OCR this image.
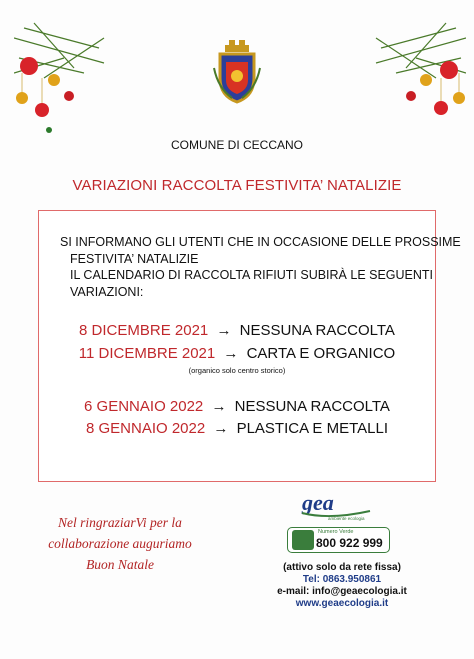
COMUNE DI CECCANO
VARIAZIONI RACCOLTA FESTIVITA’ NATALIZIE
SI INFORMANO GLI UTENTI CHE IN OCCASIONE DELLE PROSSIME
FESTIVITA’ NATALIZIE
IL CALENDARIO DI RACCOLTA RIFIUTI SUBIRÀ LE SEGUENTI
VARIAZIONI:
8 DICEMBRE 2021 → NESSUNA RACCOLTA
11 DICEMBRE 2021 → CARTA E ORGANICO
(organico solo centro storico)
6 GENNAIO 2022 → NESSUNA RACCOLTA
8 GENNAIO 2022 → PLASTICA E METALLI
Nel ringraziarVi per la
collaborazione auguriamo
Buon Natale
gea
ambiente ecologia
Numero Verde
800 922 999
(attivo solo da rete fissa)
Tel: 0863.950861
e-mail: info@geaecologia.it
www.geaecologia.it
